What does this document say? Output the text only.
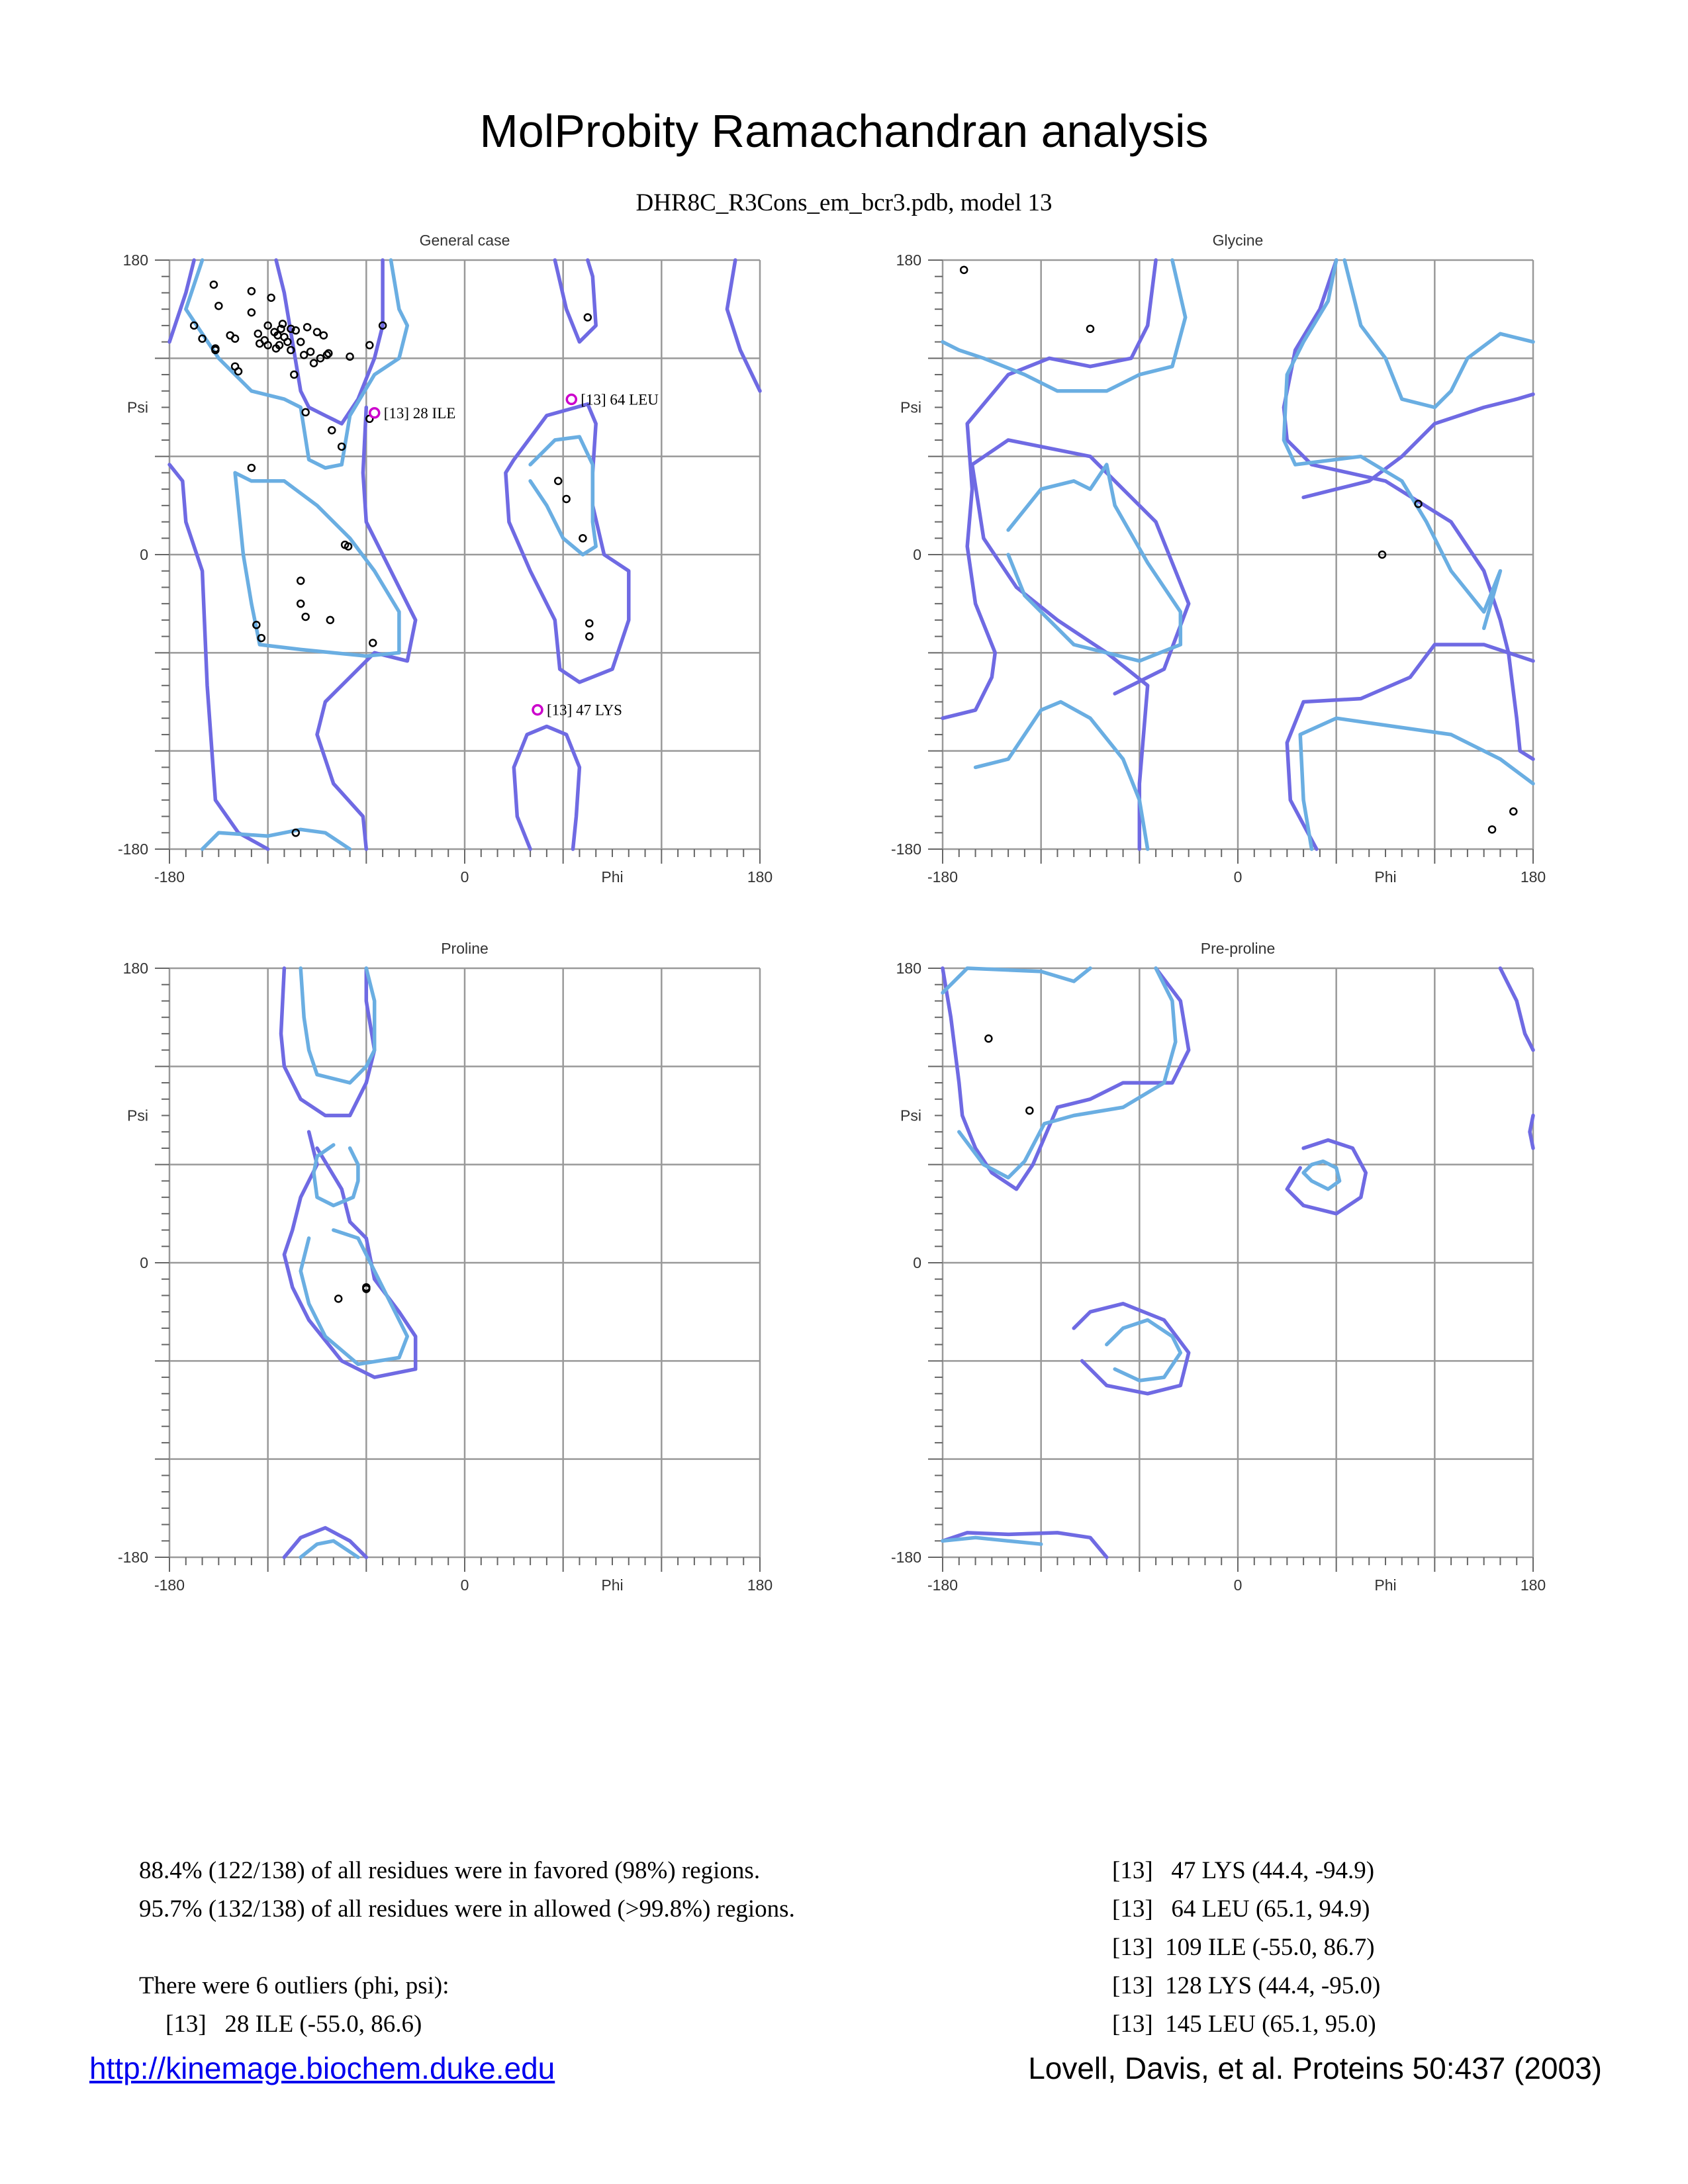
MolProbity Ramachandran analysis
DHR8C_R3Cons_em_bcr3.pdb, model 13
General case
180
0
-180
Psi
-180	0	180
Phi
[13] 28 ILE
[13] 64 LEU
[13] 47 LYS
Glycine
180
0
-180
Psi
-180	0	180
Phi
Proline
180
0
-180
Psi
-180	0	180
Phi
Pre-proline
180
0
-180
Psi
-180	0	180
Phi
88.4% (122/138) of all residues were in favored (98%) regions.
95.7% (132/138) of all residues were in allowed (>99.8%) regions.
There were 6 outliers (phi, psi):
[13]   28 ILE (-55.0, 86.6)
[13]   47 LYS (44.4, -94.9)
[13]   64 LEU (65.1, 94.9)
[13]  109 ILE (-55.0, 86.7)
[13]  128 LYS (44.4, -95.0)
[13]  145 LEU (65.1, 95.0)
http://kinemage.biochem.duke.edu	Lovell, Davis, et al. Proteins 50:437 (2003)
